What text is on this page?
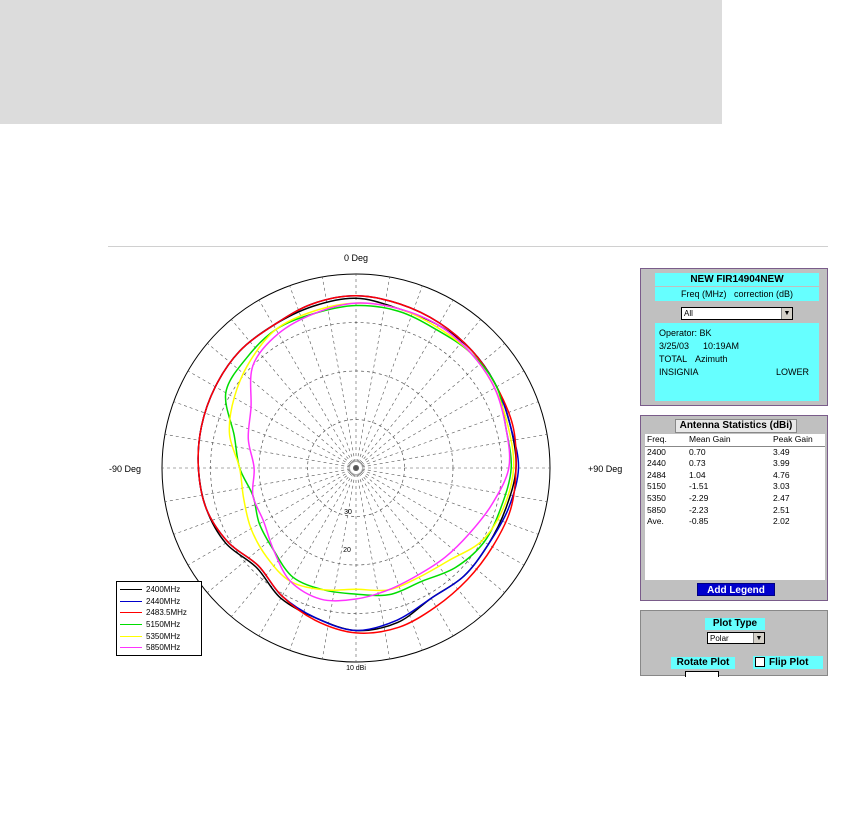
0 Deg
+90 Deg
-90 Deg
10 dBi
20
30
2400MHz
2440MHz
2483.5MHz
5150MHz
5350MHz
5850MHz
NEW FIR14904NEW
Freq (MHz) correction (dB)
All	▼
Operator: BK
3/25/03	10:19AM
TOTAL Azimuth
INSIGNIA	LOWER
Antenna Statistics (dBi)
Freq.	Mean Gain	Peak Gain
2400	0.70	3.49
2440	0.73	3.99
2484	1.04	4.76
5150	-1.51	3.03
5350	-2.29	2.47
5850	-2.23	2.51
Ave.	-0.85	2.02
Add Legend
Plot Type
Polar	▼
Rotate Plot	Flip Plot
